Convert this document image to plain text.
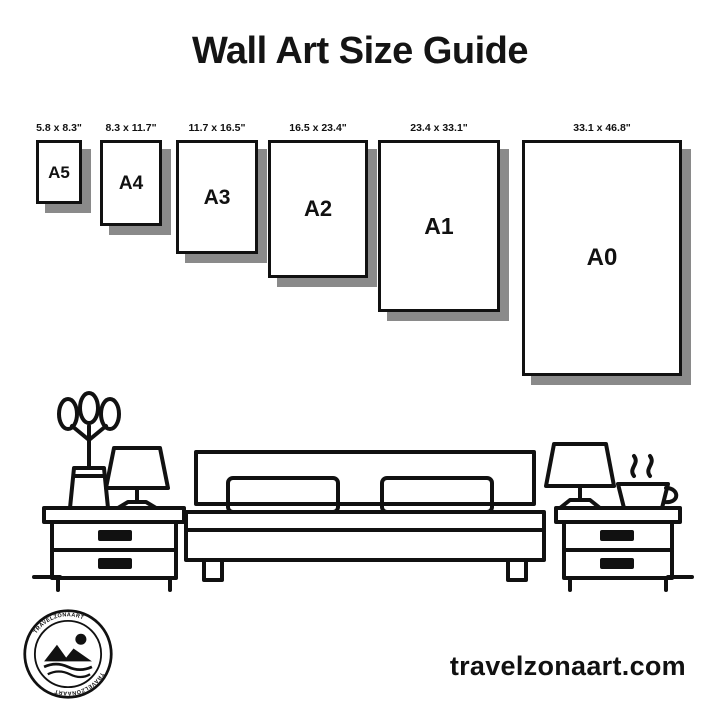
Wall Art Size Guide
5.8 x 8.3"
A5
8.3 x 11.7"
A4
11.7 x 16.5"
A3
16.5 x 23.4"
A2
23.4 x 33.1"
A1
33.1 x 46.8"
A0
TRAVELZONAART
TRAVELZONAART
travelzonaart.com
